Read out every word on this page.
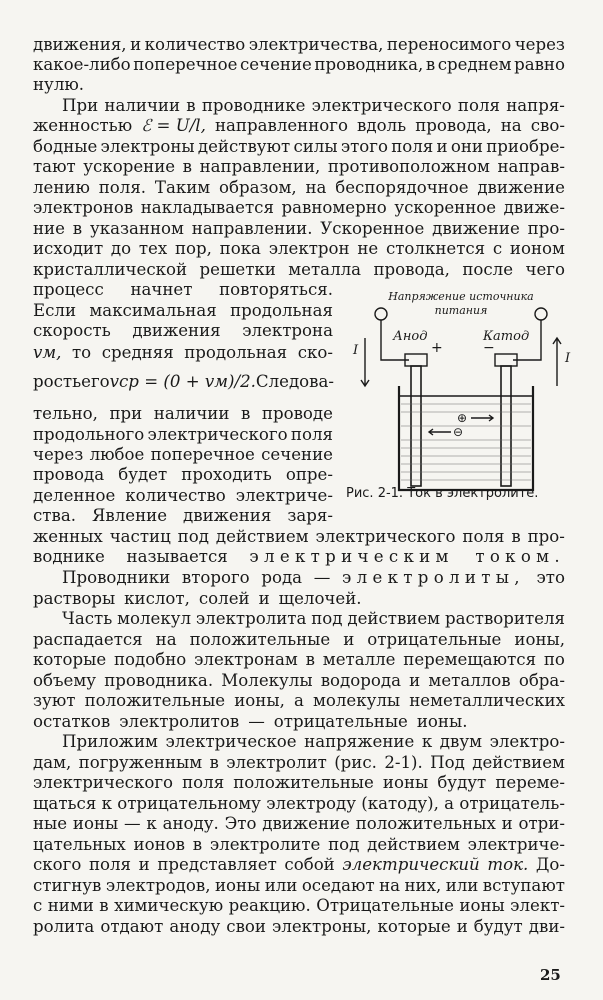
движения, и количество электричества, переносимого через
какое-либо поперечное сечение проводника, в среднем равно
нулю.
При наличии в проводнике электрического поля напря-
женностью ℰ = U/l, направленного вдоль провода, на сво-
бодные электроны действуют силы этого поля и они приобре-
тают ускорение в направлении, противоположном направ-
лению поля. Таким образом, на беспорядочное движение
электронов накладывается равномерно ускоренное движе-
ние в указанном направлении. Ускоренное движение про-
исходит до тех пор, пока электрон не столкнется с ионом
кристаллической решетки металла провода, после чего
процесс начнет повторяться.
Если максимальная продольная
скорость движения электрона
vм, то средняя продольная ско-
рость его vср = (0 + vм)/2. Следова-
тельно, при наличии в проводе
продольного электрического поля
через любое поперечное сечение
провода будет проходить опре-
деленное количество электриче-
ства. Явление движения заря-
женных частиц под действием электрического поля в про-
воднике называется электрическим током.
Проводники второго рода — электролиты, это
растворы кислот, солей и щелочей.
Часть молекул электролита под действием растворителя
распадается на положительные и отрицательные ионы,
которые подобно электронам в металле перемещаются по
объему проводника. Молекулы водорода и металлов обра-
зуют положительные ионы, а молекулы неметаллических
остатков электролитов — отрицательные ионы.
Приложим электрическое напряжение к двум электро-
дам, погруженным в электролит (рис. 2-1). Под действием
электрического поля положительные ионы будут переме-
щаться к отрицательному электроду (катоду), а отрицатель-
ные ионы — к аноду. Это движение положительных и отри-
цательных ионов в электролите под действием электриче-
ского поля и представляет собой электрический ток. До-
стигнув электродов, ионы или оседают на них, или вступают
с ними в химическую реакцию. Отрицательные ионы элект-
ролита отдают аноду свои электроны, которые и будут дви-
Напряжение источника
питания
Анод	Катод
I
I
+	−
⊕
⊖
Рис. 2-1. Ток в электролите.
25
